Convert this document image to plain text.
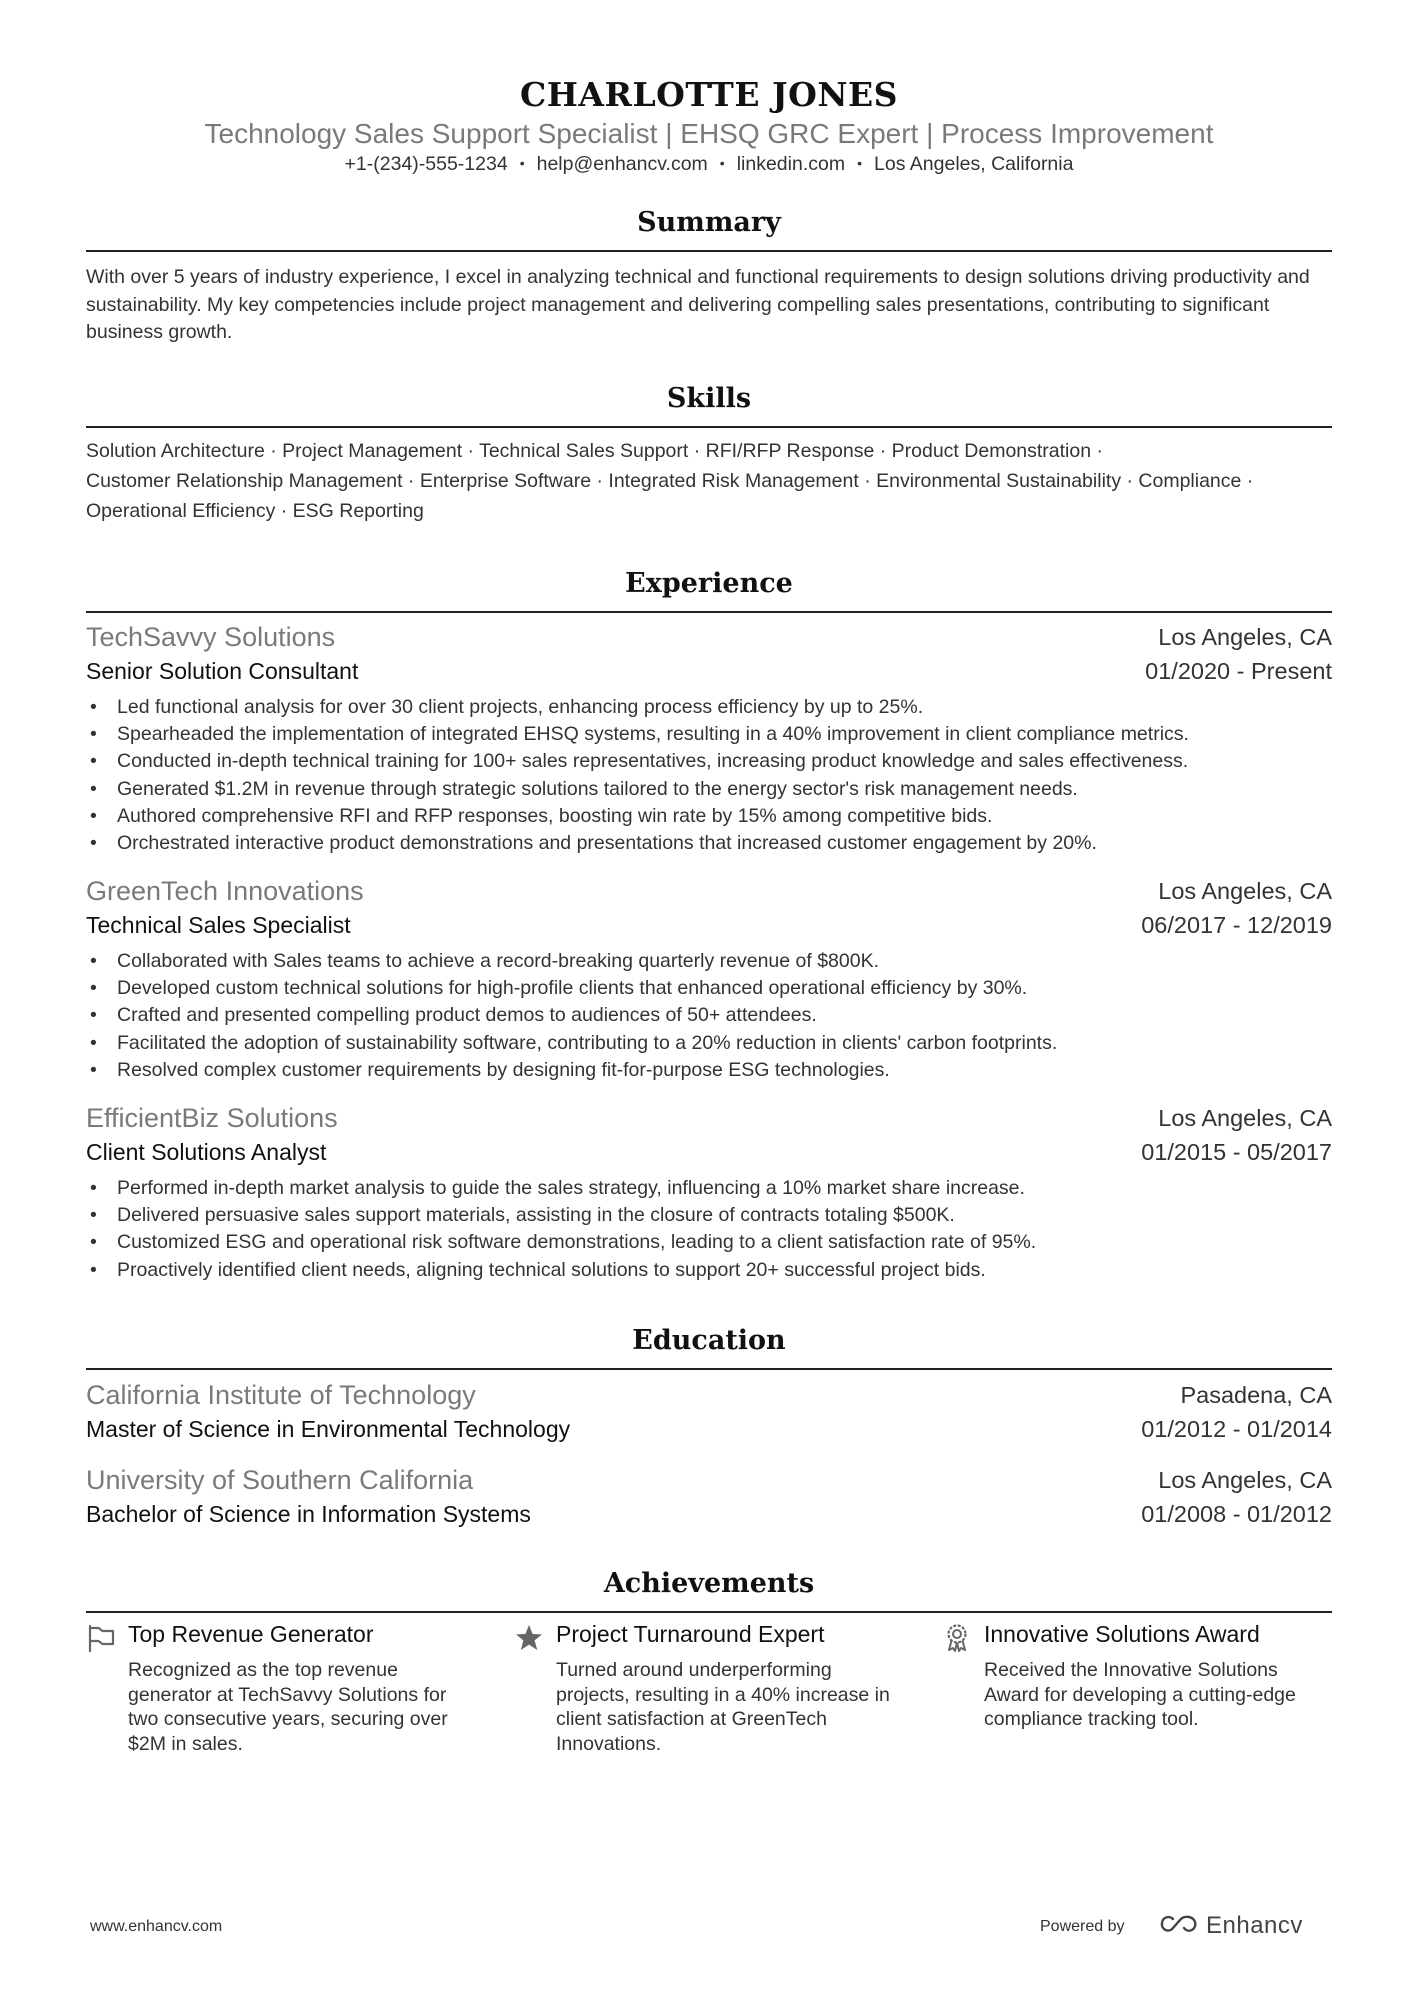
CHARLOTTE JONES
Technology Sales Support Specialist | EHSQ GRC Expert | Process Improvement
+1-(234)-555-1234 • help@enhancv.com • linkedin.com • Los Angeles, California
Summary
With over 5 years of industry experience, I excel in analyzing technical and functional requirements to design solutions driving productivity and sustainability. My key competencies include project management and delivering compelling sales presentations, contributing to significant business growth.
Skills
Solution Architecture · Project Management · Technical Sales Support · RFI/RFP Response · Product Demonstration ·
Customer Relationship Management · Enterprise Software · Integrated Risk Management · Environmental Sustainability · Compliance ·
Operational Efficiency · ESG Reporting
Experience
TechSavvy Solutions	Los Angeles, CA
Senior Solution Consultant	01/2020 - Present
• Led functional analysis for over 30 client projects, enhancing process efficiency by up to 25%.
• Spearheaded the implementation of integrated EHSQ systems, resulting in a 40% improvement in client compliance metrics.
• Conducted in-depth technical training for 100+ sales representatives, increasing product knowledge and sales effectiveness.
• Generated $1.2M in revenue through strategic solutions tailored to the energy sector's risk management needs.
• Authored comprehensive RFI and RFP responses, boosting win rate by 15% among competitive bids.
• Orchestrated interactive product demonstrations and presentations that increased customer engagement by 20%.
GreenTech Innovations	Los Angeles, CA
Technical Sales Specialist	06/2017 - 12/2019
• Collaborated with Sales teams to achieve a record-breaking quarterly revenue of $800K.
• Developed custom technical solutions for high-profile clients that enhanced operational efficiency by 30%.
• Crafted and presented compelling product demos to audiences of 50+ attendees.
• Facilitated the adoption of sustainability software, contributing to a 20% reduction in clients' carbon footprints.
• Resolved complex customer requirements by designing fit-for-purpose ESG technologies.
EfficientBiz Solutions	Los Angeles, CA
Client Solutions Analyst	01/2015 - 05/2017
• Performed in-depth market analysis to guide the sales strategy, influencing a 10% market share increase.
• Delivered persuasive sales support materials, assisting in the closure of contracts totaling $500K.
• Customized ESG and operational risk software demonstrations, leading to a client satisfaction rate of 95%.
• Proactively identified client needs, aligning technical solutions to support 20+ successful project bids.
Education
California Institute of Technology	Pasadena, CA
Master of Science in Environmental Technology	01/2012 - 01/2014
University of Southern California	Los Angeles, CA
Bachelor of Science in Information Systems	01/2008 - 01/2012
Achievements
Top Revenue Generator
Recognized as the top revenue generator at TechSavvy Solutions for two consecutive years, securing over $2M in sales.
Project Turnaround Expert
Turned around underperforming projects, resulting in a 40% increase in client satisfaction at GreenTech Innovations.
Innovative Solutions Award
Received the Innovative Solutions Award for developing a cutting-edge compliance tracking tool.
www.enhancv.com	Powered by	Enhancv
